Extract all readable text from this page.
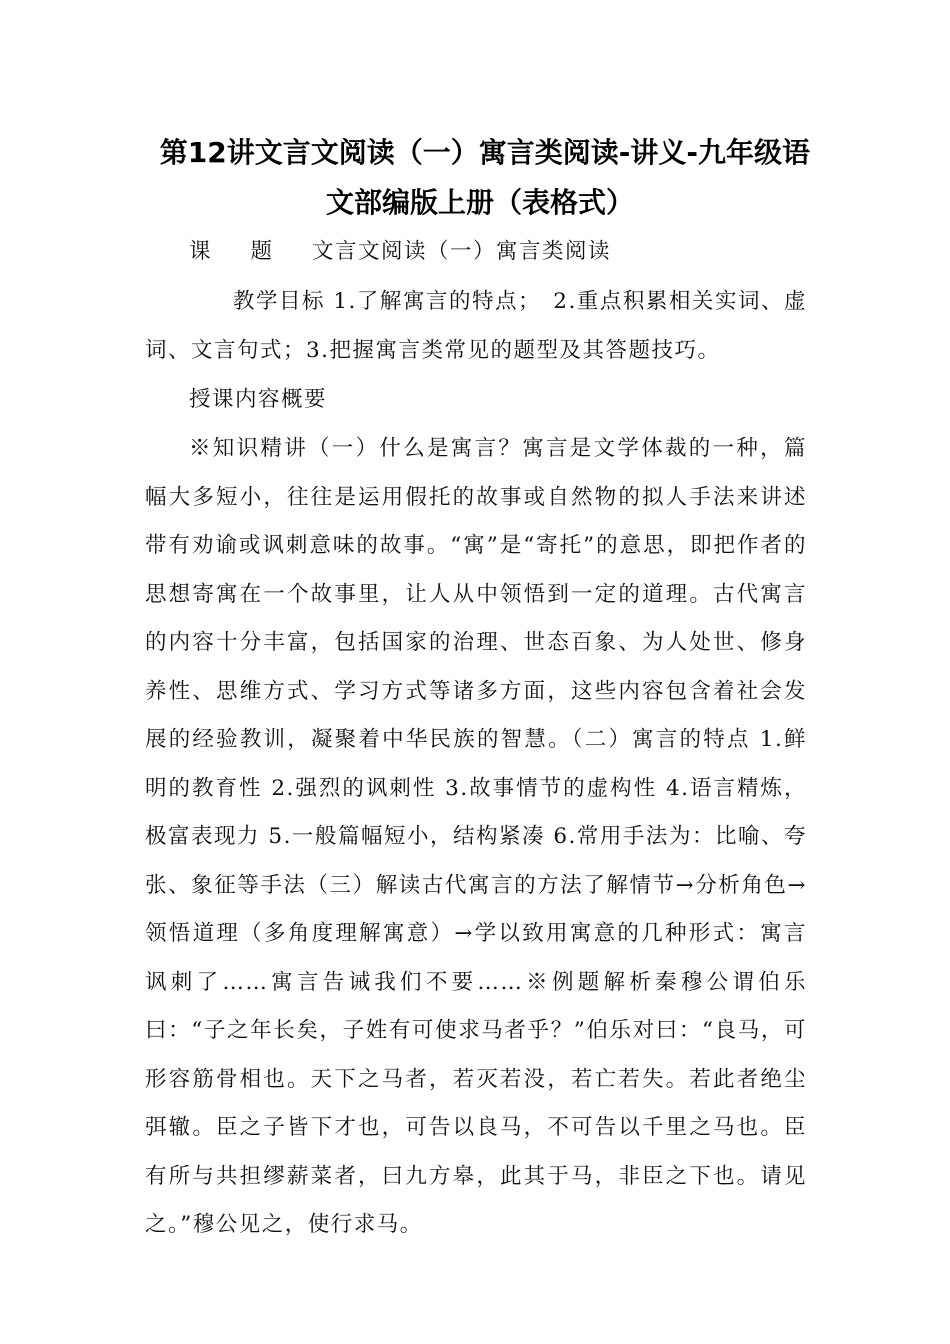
第12讲文言文阅读（一）寓言类阅读-讲义-九年级语
文部编版上册（表格式）
课题文言文阅读（一）寓言类阅读

教学目标 1.了解寓言的特点；　2.重点积累相关实词、虚词、文言句式；3.把握寓言类常见的题型及其答题技巧。

授课内容概要

※知识精讲（一）什么是寓言？寓言是文学体裁的一种，篇幅大多短小，往往是运用假托的故事或自然物的拟人手法来讲述带有劝谕或讽刺意味的故事。“寓”是“寄托”的意思，即把作者的思想寄寓在一个故事里，让人从中领悟到一定的道理。古代寓言的内容十分丰富，包括国家的治理、世态百象、为人处世、修身养性、思维方式、学习方式等诸多方面，这些内容包含着社会发展的经验教训，凝聚着中华民族的智慧。（二）寓言的特点 1.鲜明的教育性 2.强烈的讽刺性 3.故事情节的虚构性 4.语言精炼，极富表现力 5.一般篇幅短小，结构紧凑 6.常用手法为：比喻、夸张、象征等手法（三）解读古代寓言的方法了解情节→分析角色→领悟道理（多角度理解寓意）→学以致用寓意的几种形式：寓言讽刺了……寓言告诫我们不要……※例题解析秦穆公谓伯乐曰：“子之年长矣，子姓有可使求马者乎？”伯乐对曰：“良马，可形容筋骨相也。天下之马者，若灭若没，若亡若失。若此者绝尘弭辙。臣之子皆下才也，可告以良马，不可告以千里之马也。臣有所与共担缪薪菜者，曰九方皋，此其于马，非臣之下也。请见之。”穆公见之，使行求马。
